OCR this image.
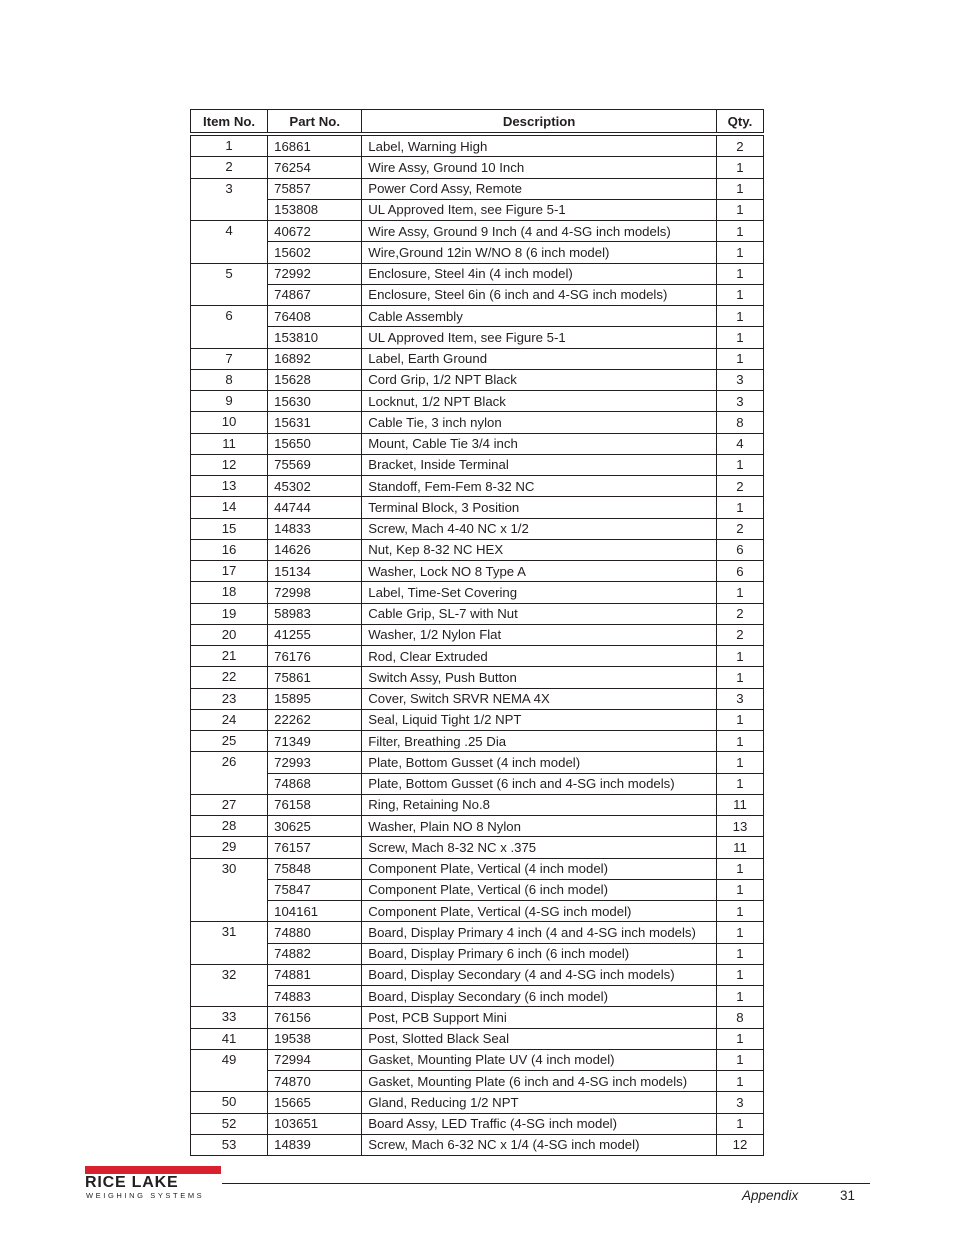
Item No.	Part No.	Description	Qty.
1	16861	Label, Warning High	2
2	76254	Wire Assy, Ground 10 Inch	1
3	75857	Power Cord Assy, Remote	1
	153808	UL Approved Item, see Figure 5-1	1
4	40672	Wire Assy, Ground 9 Inch (4 and 4-SG inch models)	1
	15602	Wire,Ground 12in W/NO 8 (6 inch model)	1
5	72992	Enclosure, Steel 4in (4 inch model)	1
	74867	Enclosure, Steel 6in (6 inch and 4-SG inch models)	1
6	76408	Cable Assembly	1
	153810	UL Approved Item, see Figure 5-1	1
7	16892	Label, Earth Ground	1
8	15628	Cord Grip, 1/2 NPT Black	3
9	15630	Locknut, 1/2 NPT Black	3
10	15631	Cable Tie, 3 inch nylon	8
11	15650	Mount, Cable Tie 3/4 inch	4
12	75569	Bracket, Inside Terminal	1
13	45302	Standoff, Fem-Fem 8-32 NC	2
14	44744	Terminal Block, 3 Position	1
15	14833	Screw, Mach 4-40 NC x 1/2	2
16	14626	Nut, Kep 8-32 NC HEX	6
17	15134	Washer, Lock NO 8 Type A	6
18	72998	Label, Time-Set Covering	1
19	58983	Cable Grip, SL-7 with Nut	2
20	41255	Washer, 1/2 Nylon Flat	2
21	76176	Rod, Clear Extruded	1
22	75861	Switch Assy, Push Button	1
23	15895	Cover, Switch SRVR NEMA 4X	3
24	22262	Seal, Liquid Tight 1/2 NPT	1
25	71349	Filter, Breathing .25 Dia	1
26	72993	Plate, Bottom Gusset (4 inch model)	1
	74868	Plate, Bottom Gusset (6 inch and 4-SG inch models)	1
27	76158	Ring, Retaining No.8	11
28	30625	Washer, Plain NO 8 Nylon	13
29	76157	Screw, Mach 8-32 NC x .375	11
30	75848	Component Plate, Vertical (4 inch model)	1
	75847	Component Plate, Vertical (6 inch model)	1
	104161	Component Plate, Vertical (4-SG inch model)	1
31	74880	Board, Display Primary 4 inch (4 and 4-SG inch models)	1
	74882	Board, Display Primary 6 inch (6 inch model)	1
32	74881	Board, Display Secondary (4 and 4-SG inch models)	1
	74883	Board, Display Secondary (6 inch model)	1
33	76156	Post, PCB Support Mini	8
41	19538	Post, Slotted Black Seal	1
49	72994	Gasket, Mounting Plate UV (4 inch model)	1
	74870	Gasket, Mounting Plate (6 inch and 4-SG inch models)	1
50	15665	Gland, Reducing 1/2 NPT	3
52	103651	Board Assy, LED Traffic (4-SG inch model)	1
53	14839	Screw, Mach 6-32 NC x 1/4 (4-SG inch model)	12
RICE LAKE
WEIGHING SYSTEMS	Appendix	31
